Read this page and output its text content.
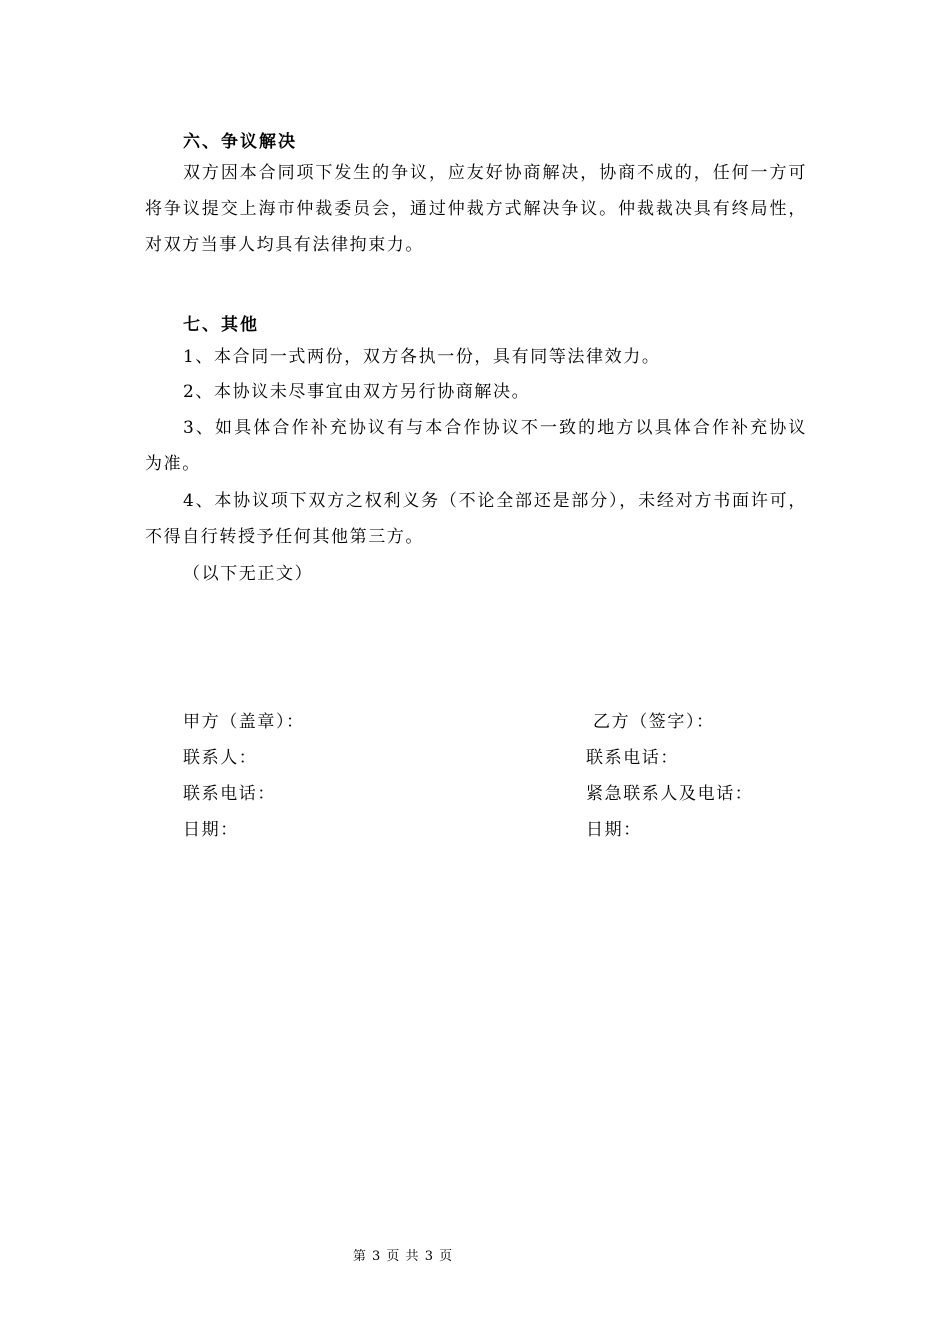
六、争议解决

双方因本合同项下发生的争议，应友好协商解决，协商不成的，任何一方可将争议提交上海市仲裁委员会，通过仲裁方式解决争议。仲裁裁决具有终局性，对双方当事人均具有法律拘束力。

七、其他

1、本合同一式两份，双方各执一份，具有同等法律效力。

2、本协议未尽事宜由双方另行协商解决。

3、如具体合作补充协议有与本合作协议不一致的地方以具体合作补充协议为准。

4、本协议项下双方之权利义务（不论全部还是部分），未经对方书面许可，不得自行转授予任何其他第三方。

（以下无正文）

甲方（盖章）：
联系人：
联系电话：
日期：
乙方（签字）：
联系电话：
紧急联系人及电话：
日期：
第 3 页 共 3 页
